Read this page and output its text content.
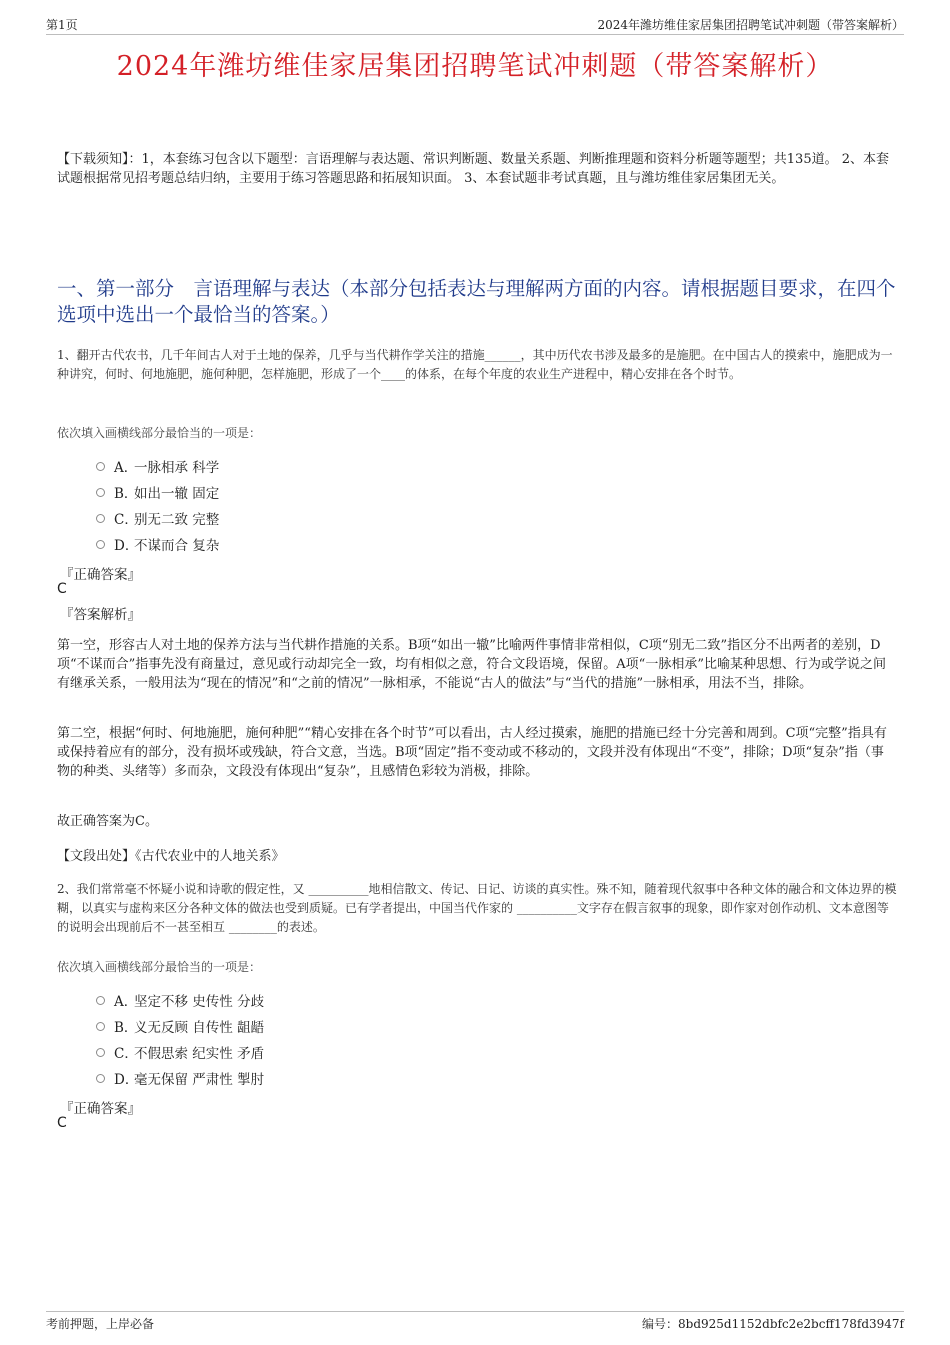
第1页	2024年潍坊维佳家居集团招聘笔试冲刺题（带答案解析）
2024年潍坊维佳家居集团招聘笔试冲刺题（带答案解析）
【下载须知】：1，本套练习包含以下题型：言语理解与表达题、常识判断题、数量关系题、判断推理题和资料分析题等题型；共135道。 2、本套试题根据常见招考题总结归纳，主要用于练习答题思路和拓展知识面。 3、本套试题非考试真题，且与潍坊维佳家居集团无关。
一、第一部分　言语理解与表达（本部分包括表达与理解两方面的内容。请根据题目要求，在四个选项中选出一个最恰当的答案。）
1、翻开古代农书，几千年间古人对于土地的保养，几乎与当代耕作学关注的措施______，其中历代农书涉及最多的是施肥。在中国古人的摸索中，施肥成为一种讲究，何时、何地施肥，施何种肥，怎样施肥，形成了一个____的体系，在每个年度的农业生产进程中，精心安排在各个时节。
依次填入画横线部分最恰当的一项是：
A．
一脉相承 科学
B．
如出一辙 固定
C．
别无二致 完整
D．
不谋而合 复杂
『正确答案』
C
『答案解析』
第一空，形容古人对土地的保养方法与当代耕作措施的关系。B项“如出一辙”比喻两件事情非常相似，C项“别无二致”指区分不出两者的差别，D项“不谋而合”指事先没有商量过，意见或行动却完全一致，均有相似之意，符合文段语境，保留。A项“一脉相承”比喻某种思想、行为或学说之间有继承关系，一般用法为“现在的情况”和“之前的情况”一脉相承，不能说“古人的做法”与“当代的措施”一脉相承，用法不当，排除。
第二空，根据“何时、何地施肥，施何种肥”“精心安排在各个时节”可以看出，古人经过摸索，施肥的措施已经十分完善和周到。C项“完整”指具有或保持着应有的部分，没有损坏或残缺，符合文意，当选。B项“固定”指不变动或不移动的，文段并没有体现出“不变”，排除；D项“复杂”指（事物的种类、头绪等）多而杂，文段没有体现出“复杂”，且感情色彩较为消极，排除。
故正确答案为C。
【文段出处】《古代农业中的人地关系》
2、我们常常毫不怀疑小说和诗歌的假定性，又 __________地相信散文、传记、日记、访谈的真实性。殊不知，随着现代叙事中各种文体的融合和文体边界的模糊，以真实与虚构来区分各种文体的做法也受到质疑。已有学者提出，中国当代作家的 __________文字存在假言叙事的现象，即作家对创作动机、文本意图等的说明会出现前后不一甚至相互 ________的表述。
依次填入画横线部分最恰当的一项是：
A．
坚定不移 史传性 分歧
B．
义无反顾 自传性 龃龉
C．
不假思索 纪实性 矛盾
D．
毫无保留 严肃性 掣肘
『正确答案』
C
考前押题，上岸必备	编号：8bd925d1152dbfc2e2bcff178fd3947f
